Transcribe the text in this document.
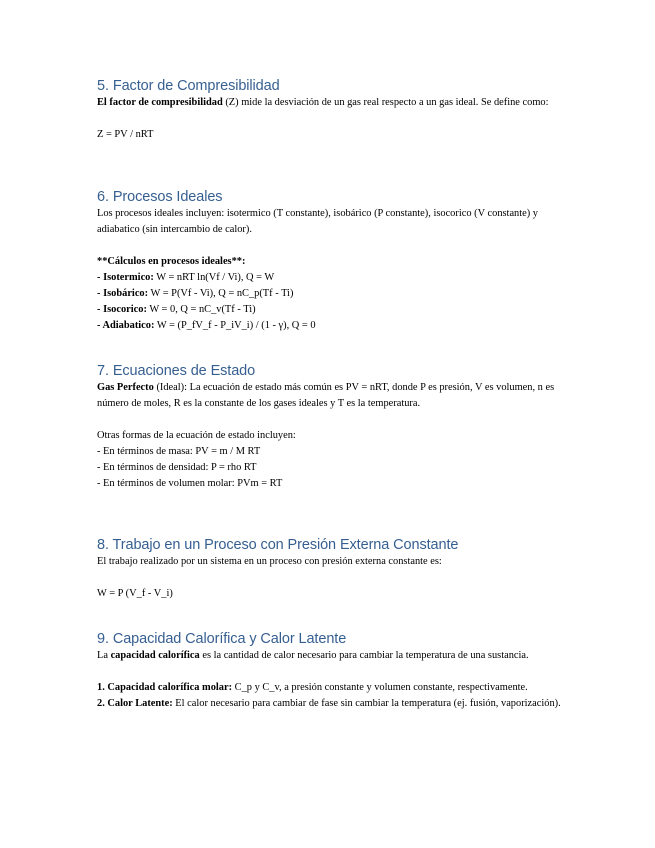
5. Factor de Compresibilidad

El factor de compresibilidad (Z) mide la desviación de un gas real respecto a un gas ideal. Se define como:

Z = PV / nRT

6. Procesos Ideales

Los procesos ideales incluyen: isotermico (T constante), isobárico (P constante), isocorico (V constante) y adiabatico (sin intercambio de calor).

**Cálculos en procesos ideales**:

- Isotermico: W = nRT ln(Vf / Vi), Q = W

- Isobárico: W = P(Vf - Vi), Q = nC_p(Tf - Ti)

- Isocorico: W = 0, Q = nC_v(Tf - Ti)

- Adiabatico: W = (P_fV_f - P_iV_i) / (1 - γ), Q = 0

7. Ecuaciones de Estado

Gas Perfecto (Ideal): La ecuación de estado más común es PV = nRT, donde P es presión, V es volumen, n es número de moles, R es la constante de los gases ideales y T es la temperatura.

Otras formas de la ecuación de estado incluyen:

- En términos de masa: PV = m / M RT

- En términos de densidad: P = rho RT

- En términos de volumen molar: PVm = RT

8. Trabajo en un Proceso con Presión Externa Constante

El trabajo realizado por un sistema en un proceso con presión externa constante es:

W = P (V_f - V_i)

9. Capacidad Calorífica y Calor Latente

La capacidad calorífica es la cantidad de calor necesario para cambiar la temperatura de una sustancia.

1. Capacidad calorífica molar: C_p y C_v, a presión constante y volumen constante, respectivamente.

2. Calor Latente: El calor necesario para cambiar de fase sin cambiar la temperatura (ej. fusión, vaporización).
